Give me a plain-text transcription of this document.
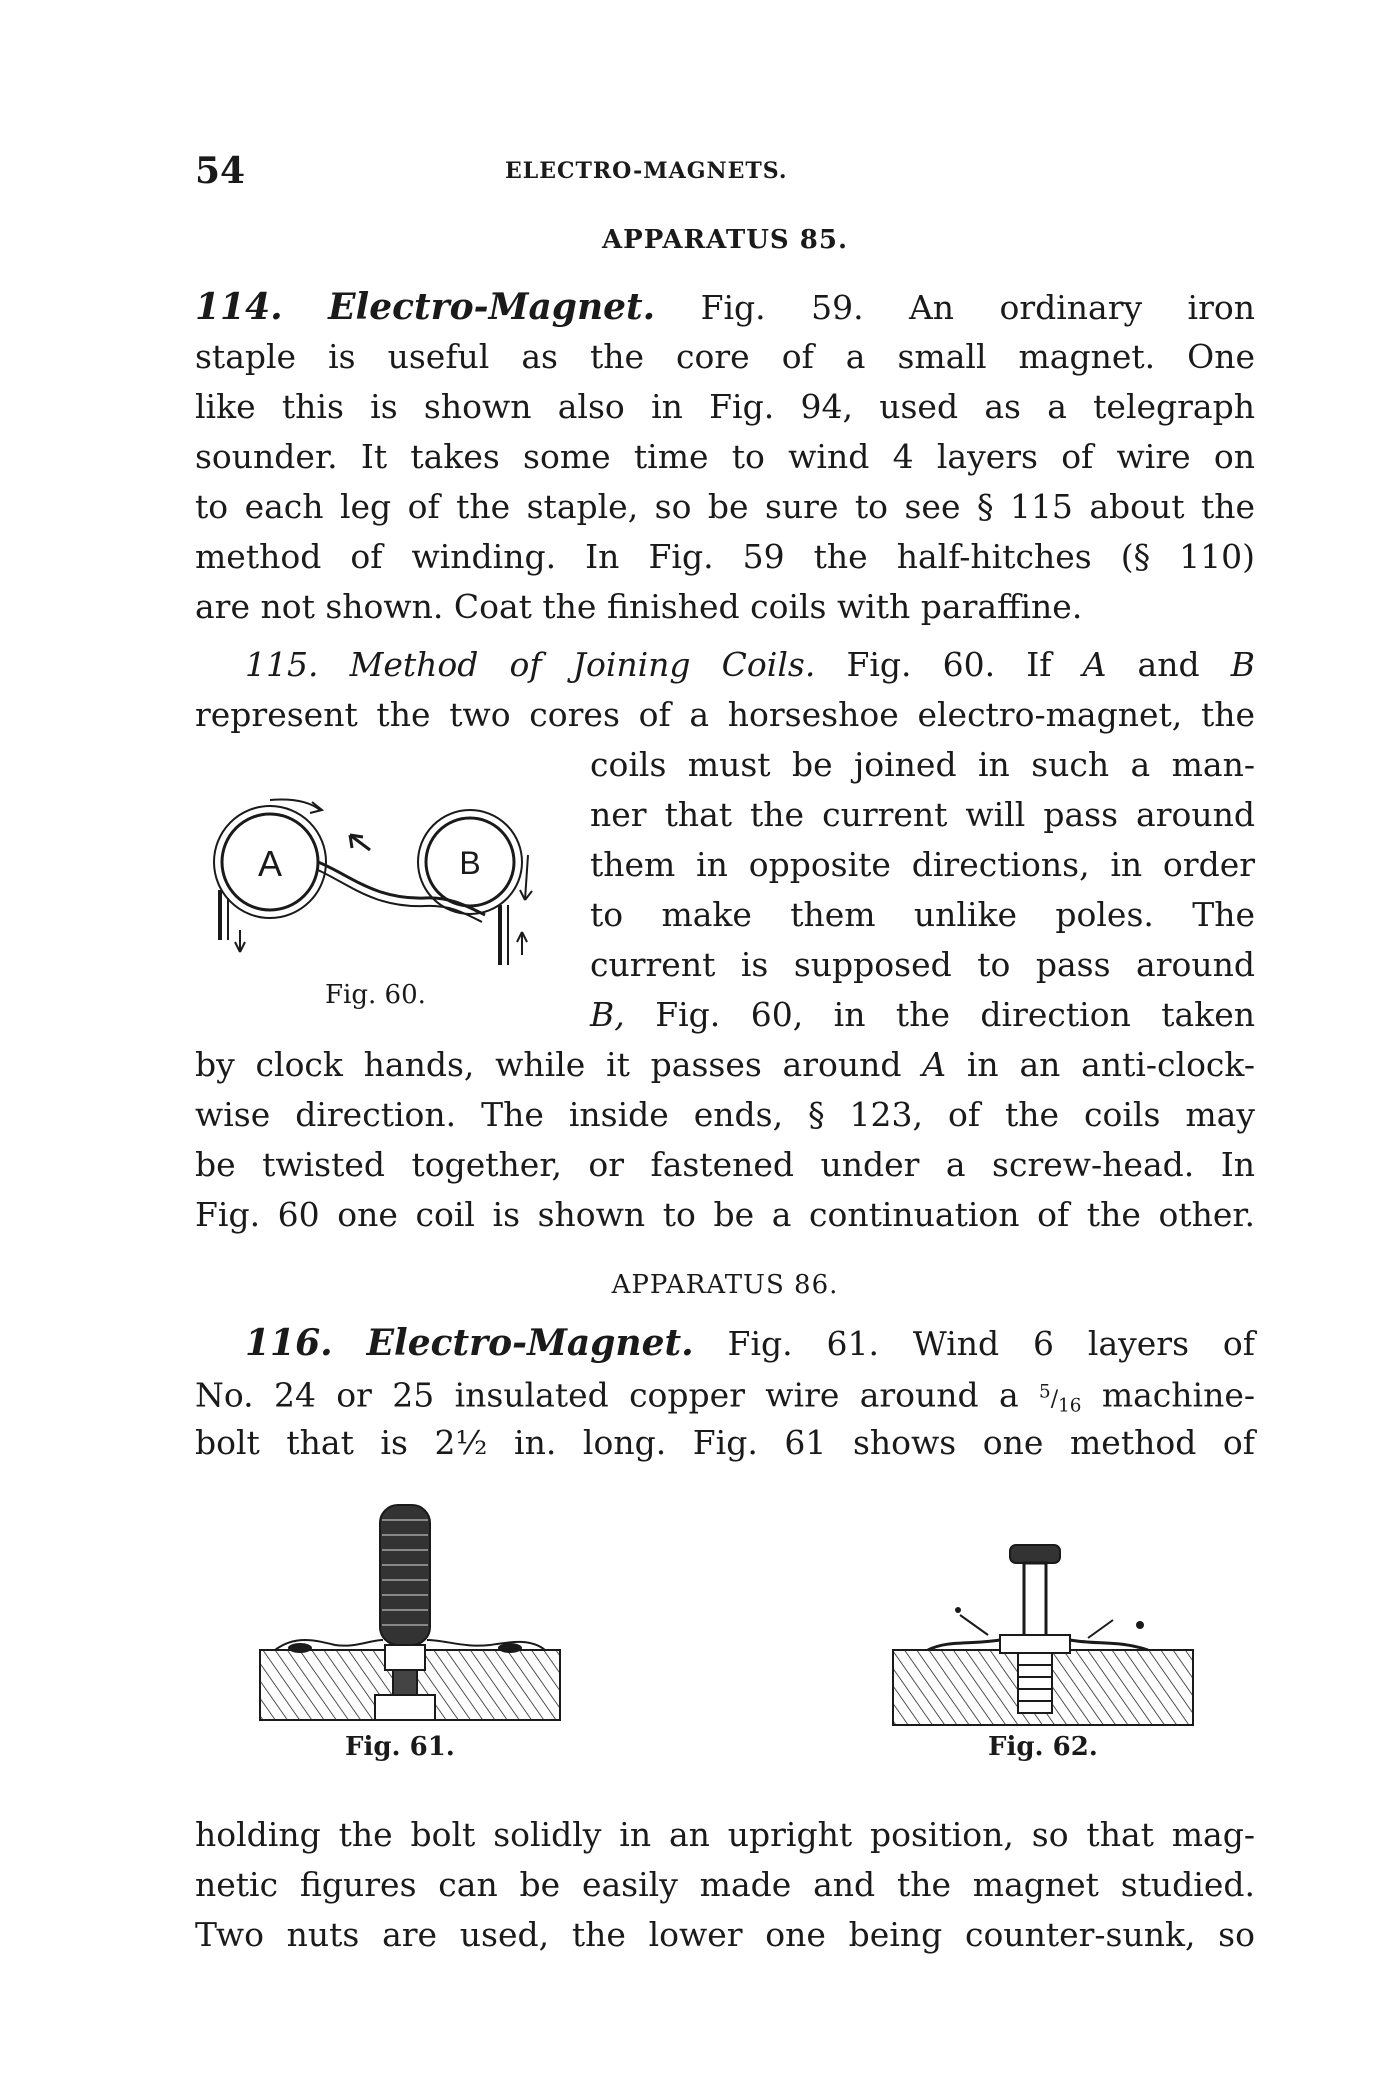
54	ELECTRO-MAGNETS.
APPARATUS 85.
114. Electro-Magnet. Fig. 59. An ordinary iron
staple is useful as the core of a small magnet. One
like this is shown also in Fig. 94, used as a telegraph
sounder. It takes some time to wind 4 layers of wire on
to each leg of the staple, so be sure to see § 115 about the
method of winding. In Fig. 59 the half-hitches (§ 110)
are not shown. Coat the finished coils with paraffine.
115. Method of Joining Coils. Fig. 60. If A and B
represent the two cores of a horseshoe electro-magnet, the
coils must be joined in such a man-
ner that the current will pass around
them in opposite directions, in order
to make them unlike poles. The
current is supposed to pass around
B, Fig. 60, in the direction taken
A	B
Fig. 60.
by clock hands, while it passes around A in an anti-clock-
wise direction. The inside ends, § 123, of the coils may
be twisted together, or fastened under a screw-head. In
Fig. 60 one coil is shown to be a continuation of the other.
APPARATUS 86.
116. Electro-Magnet. Fig. 61. Wind 6 layers of
No. 24 or 25 insulated copper wire around a $^5/_{16}$ machine-
bolt that is 2½ in. long. Fig. 61 shows one method of
Fig. 61.	Fig. 62.
holding the bolt solidly in an upright position, so that mag-
netic figures can be easily made and the magnet studied.
Two nuts are used, the lower one being counter-sunk, so
